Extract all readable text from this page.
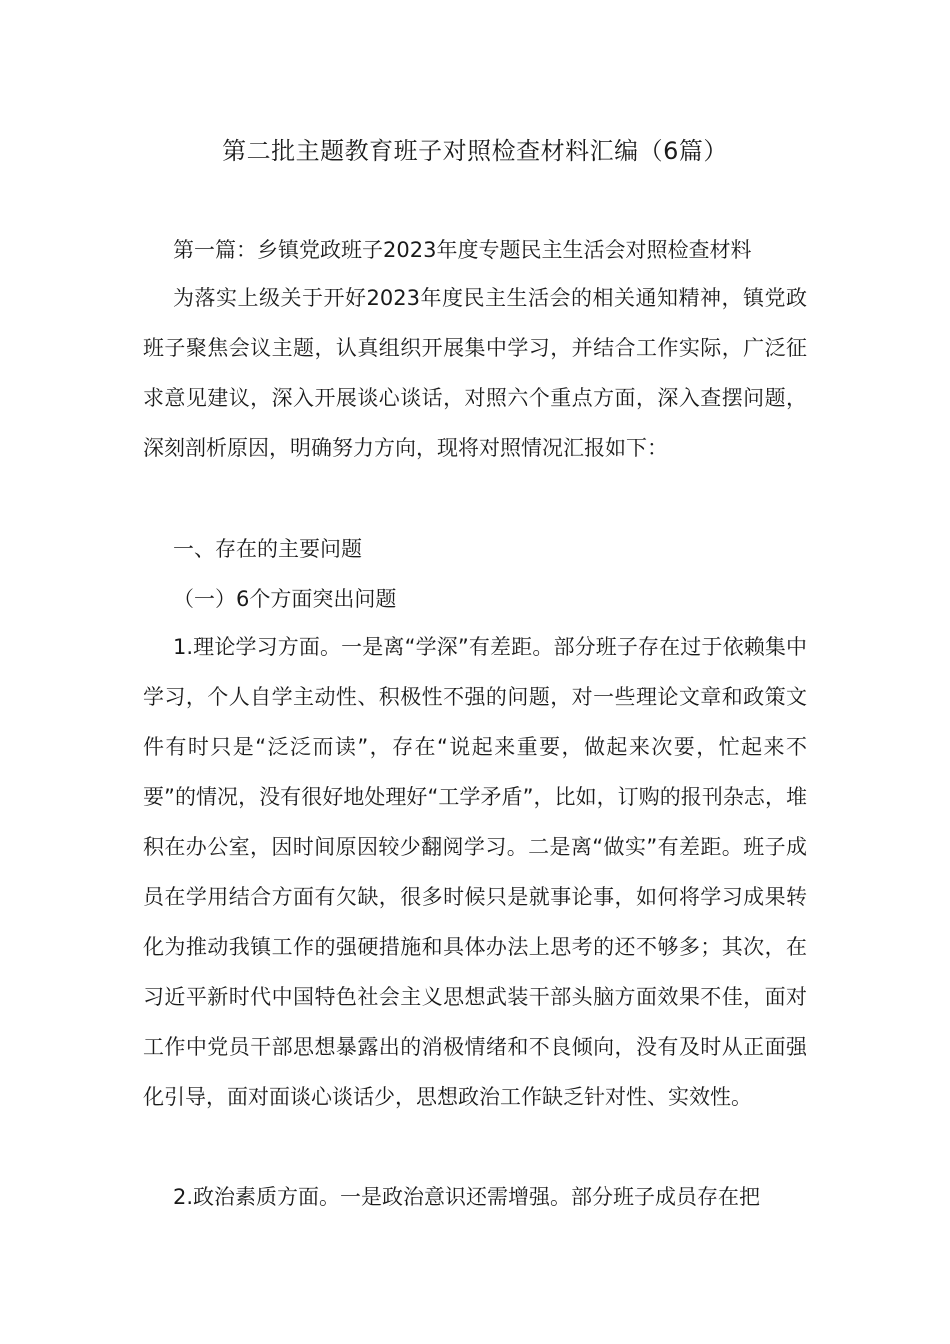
第二批主题教育班子对照检查材料汇编（6篇）
第一篇：乡镇党政班子2023年度专题民主生活会对照检查材料
为落实上级关于开好2023年度民主生活会的相关通知精神，镇党政班子聚焦会议主题，认真组织开展集中学习，并结合工作实际，广泛征求意见建议，深入开展谈心谈话，对照六个重点方面，深入查摆问题，深刻剖析原因，明确努力方向，现将对照情况汇报如下：
一、存在的主要问题
（一）6个方面突出问题
1.理论学习方面。一是离“学深”有差距。部分班子存在过于依赖集中学习，个人自学主动性、积极性不强的问题，对一些理论文章和政策文件有时只是“泛泛而读”，存在“说起来重要，做起来次要，忙起来不要”的情况，没有很好地处理好“工学矛盾”，比如，订购的报刊杂志，堆积在办公室，因时间原因较少翻阅学习。二是离“做实”有差距。班子成员在学用结合方面有欠缺，很多时候只是就事论事，如何将学习成果转化为推动我镇工作的强硬措施和具体办法上思考的还不够多；其次，在习近平新时代中国特色社会主义思想武装干部头脑方面效果不佳，面对工作中党员干部思想暴露出的消极情绪和不良倾向，没有及时从正面强化引导，面对面谈心谈话少，思想政治工作缺乏针对性、实效性。
2.政治素质方面。一是政治意识还需增强。部分班子成员存在把
